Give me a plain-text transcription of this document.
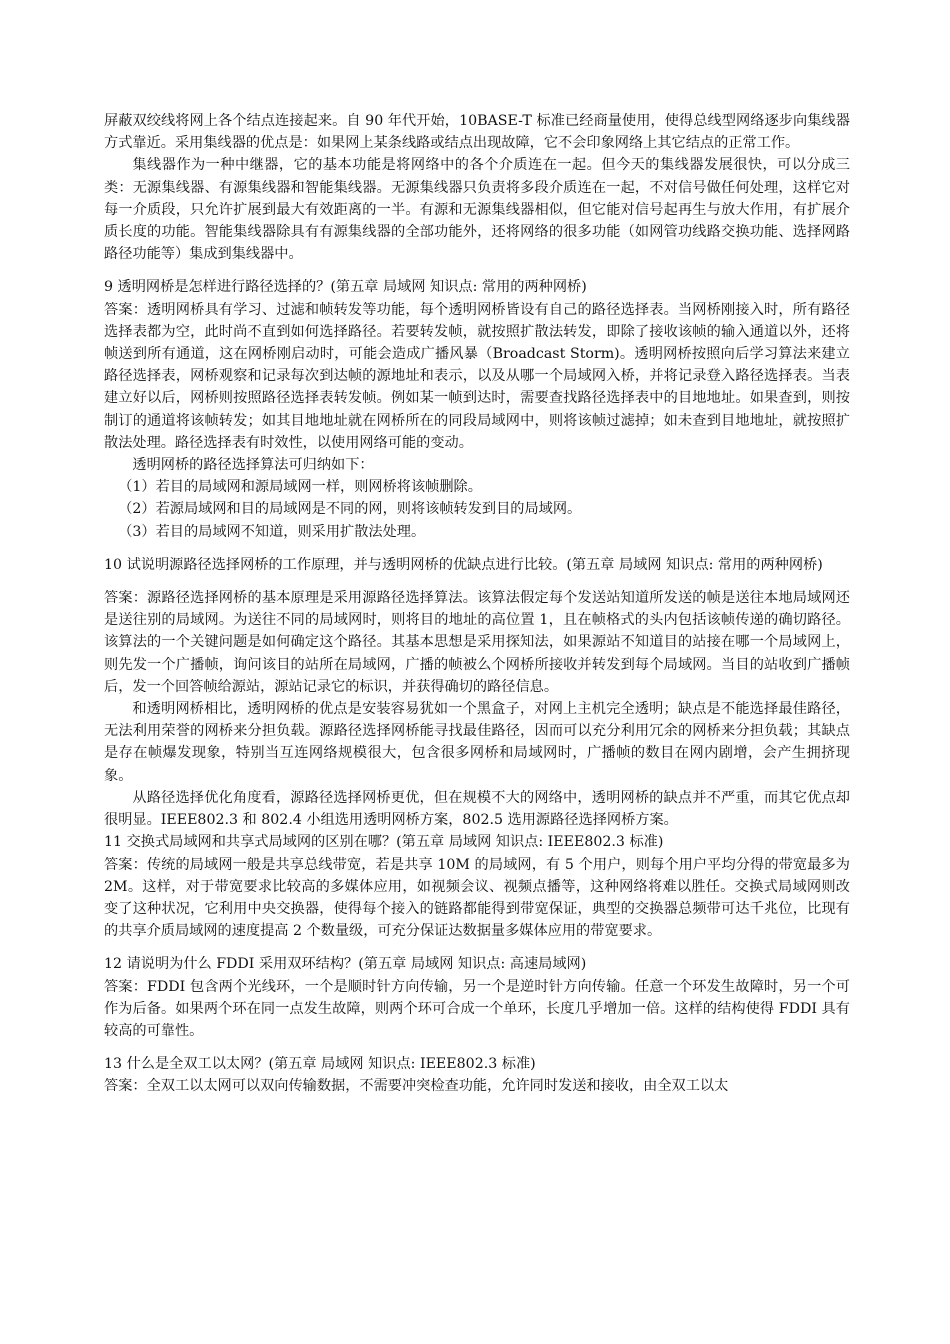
屏蔽双绞线将网上各个结点连接起来。自 90 年代开始，10BASE-T 标准已经商量使用，使得总线型网络逐步向集线器方式靠近。采用集线器的优点是：如果网上某条线路或结点出现故障，它不会印象网络上其它结点的正常工作。

集线器作为一种中继器，它的基本功能是将网络中的各个介质连在一起。但今天的集线器发展很快，可以分成三类：无源集线器、有源集线器和智能集线器。无源集线器只负责将多段介质连在一起，不对信号做任何处理，这样它对每一介质段，只允许扩展到最大有效距离的一半。有源和无源集线器相似，但它能对信号起再生与放大作用，有扩展介质长度的功能。智能集线器除具有有源集线器的全部功能外，还将网络的很多功能（如网管功线路交换功能、选择网路路径功能等）集成到集线器中。

9 透明网桥是怎样进行路径选择的？(第五章 局域网 知识点: 常用的两种网桥)

答案：透明网桥具有学习、过滤和帧转发等功能，每个透明网桥皆设有自己的路径选择表。当网桥刚接入时，所有路径选择表都为空，此时尚不直到如何选择路径。若要转发帧，就按照扩散法转发，即除了接收该帧的输入通道以外，还将帧送到所有通道，这在网桥刚启动时，可能会造成广播风暴（Broadcast Storm)。透明网桥按照向后学习算法来建立路径选择表，网桥观察和记录每次到达帧的源地址和表示，以及从哪一个局域网入桥，并将记录登入路径选择表。当表建立好以后，网桥则按照路径选择表转发帧。例如某一帧到达时，需要查找路径选择表中的目地地址。如果查到，则按制订的通道将该帧转发；如其目地地址就在网桥所在的同段局域网中，则将该帧过滤掉；如未查到目地地址，就按照扩散法处理。路径选择表有时效性，以使用网络可能的变动。

透明网桥的路径选择算法可归纳如下：

（1）若目的局域网和源局域网一样，则网桥将该帧删除。

（2）若源局域网和目的局域网是不同的网，则将该帧转发到目的局域网。

（3）若目的局域网不知道，则采用扩散法处理。

10 试说明源路径选择网桥的工作原理，并与透明网桥的优缺点进行比较。(第五章 局域网 知识点: 常用的两种网桥)

答案：源路径选择网桥的基本原理是采用源路径选择算法。该算法假定每个发送站知道所发送的帧是送往本地局域网还是送往别的局域网。为送往不同的局域网时，则将目的地址的高位置 1，且在帧格式的头内包括该帧传递的确切路径。该算法的一个关键问题是如何确定这个路径。其基本思想是采用探知法，如果源站不知道目的站接在哪一个局域网上，则先发一个广播帧，询问该目的站所在局域网，广播的帧被么个网桥所接收并转发到每个局域网。当目的站收到广播帧后，发一个回答帧给源站，源站记录它的标识，并获得确切的路径信息。

和透明网桥相比，透明网桥的优点是安装容易犹如一个黑盒子，对网上主机完全透明；缺点是不能选择最佳路径，无法利用荣誉的网桥来分担负载。源路径选择网桥能寻找最佳路径，因而可以充分利用冗余的网桥来分担负载；其缺点是存在帧爆发现象，特别当互连网络规模很大，包含很多网桥和局域网时，广播帧的数目在网内剧增，会产生拥挤现象。

从路径选择优化角度看，源路径选择网桥更优，但在规模不大的网络中，透明网桥的缺点并不严重，而其它优点却很明显。IEEE802.3 和 802.4 小组选用透明网桥方案，802.5 选用源路径选择网桥方案。

11 交换式局域网和共享式局域网的区别在哪？(第五章 局域网 知识点: IEEE802.3 标准)

答案：传统的局域网一般是共享总线带宽，若是共享 10M 的局域网，有 5 个用户，则每个用户平均分得的带宽最多为 2M。这样，对于带宽要求比较高的多媒体应用，如视频会议、视频点播等，这种网络将难以胜任。交换式局域网则改变了这种状况，它利用中央交换器，使得每个接入的链路都能得到带宽保证，典型的交换器总频带可达千兆位，比现有的共享介质局域网的速度提高 2 个数量级，可充分保证达数据量多媒体应用的带宽要求。

12 请说明为什么 FDDI 采用双环结构？(第五章 局域网 知识点: 高速局域网)

答案：FDDI 包含两个光线环，一个是顺时针方向传输，另一个是逆时针方向传输。任意一个环发生故障时，另一个可作为后备。如果两个环在同一点发生故障，则两个环可合成一个单环，长度几乎增加一倍。这样的结构使得 FDDI 具有较高的可靠性。

13 什么是全双工以太网？(第五章 局域网 知识点: IEEE802.3 标准)

答案：全双工以太网可以双向传输数据，不需要冲突检查功能，允许同时发送和接收，由全双工以太
